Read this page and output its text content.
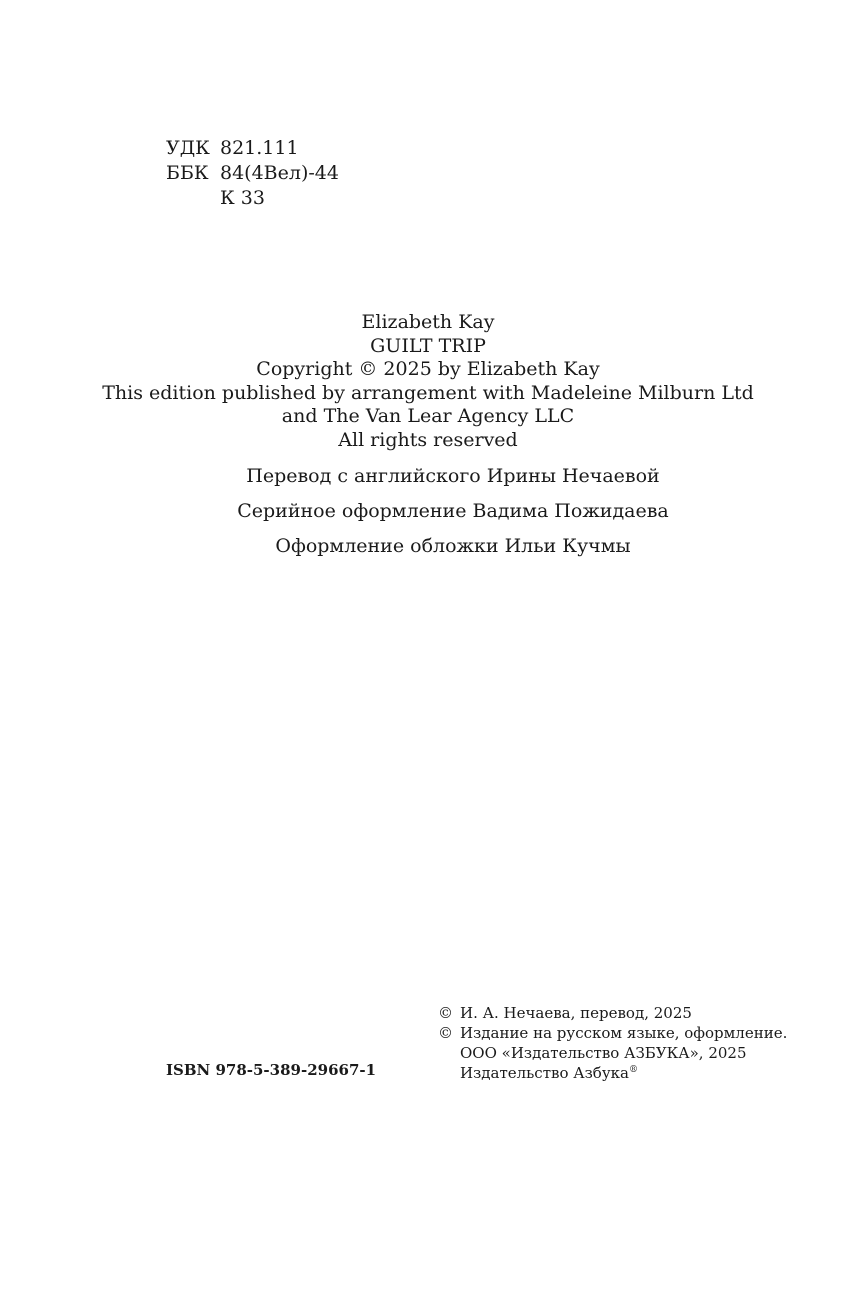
УДК 821.111
ББК 84(4Вел)-44
К 33
Elizabeth Kay
GUILT TRIP
Copyright © 2025 by Elizabeth Kay
This edition published by arrangement with Madeleine Milburn Ltd
and The Van Lear Agency LLC
All rights reserved
Перевод с английского Ирины Нечаевой
Серийное оформление Вадима Пожидаева
Оформление обложки Ильи Кучмы
ISBN 978-5-389-29667-1
© И. А. Нечаева, перевод, 2025
© Издание на русском языке, оформление.
ООО «Издательство АЗБУКА», 2025
Издательство Азбука®
